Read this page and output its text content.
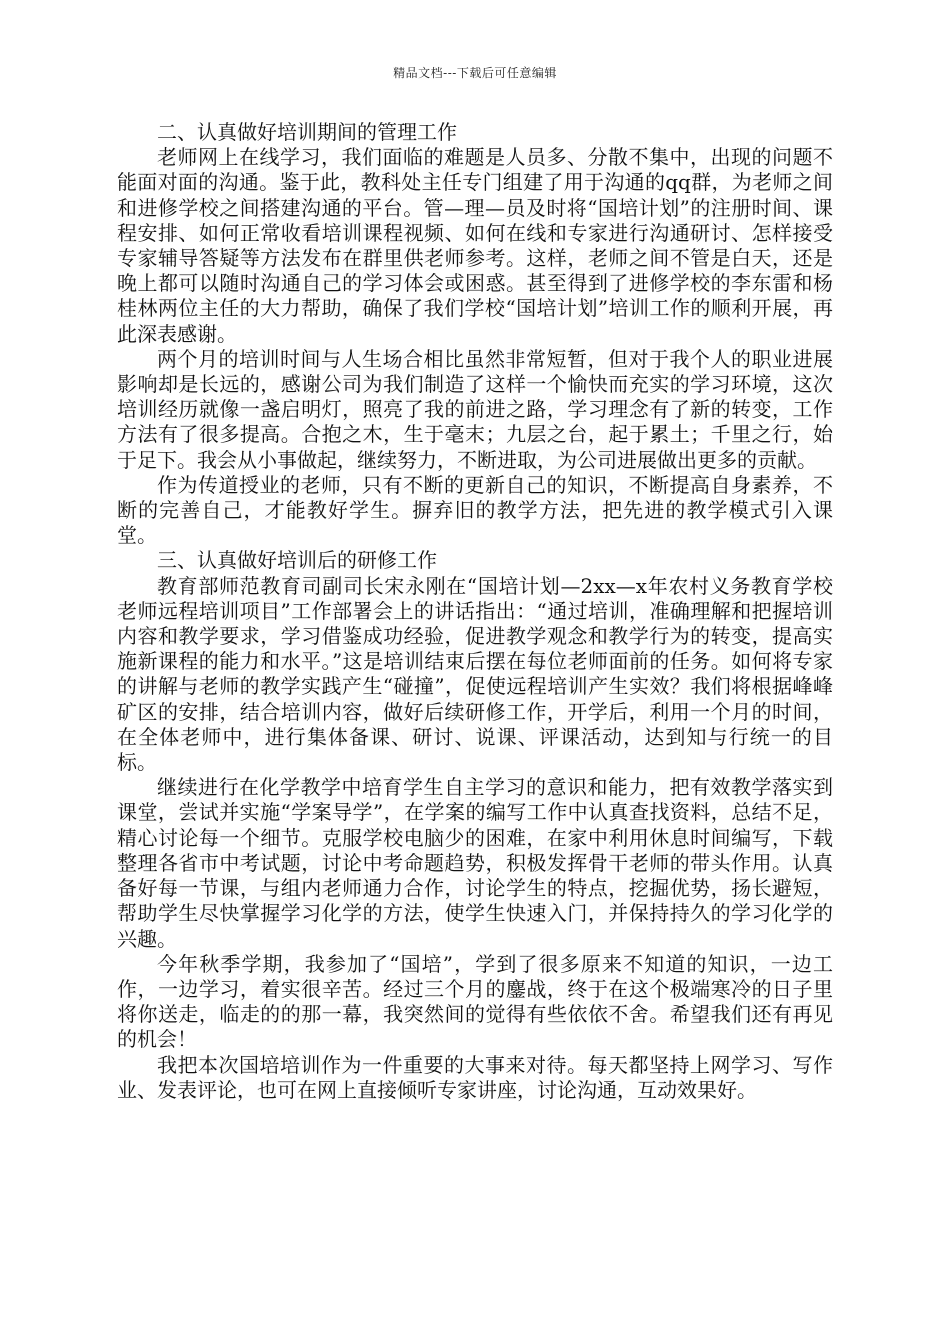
精品文档---下载后可任意编辑

二、认真做好培训期间的管理工作

老师网上在线学习，我们面临的难题是人员多、分散不集中，出现的问题不能面对面的沟通。鉴于此，教科处主任专门组建了用于沟通的qq群，为老师之间和进修学校之间搭建沟通的平台。管—理—员及时将“国培计划”的注册时间、课程安排、如何正常收看培训课程视频、如何在线和专家进行沟通研讨、怎样接受专家辅导答疑等方法发布在群里供老师参考。这样，老师之间不管是白天，还是晚上都可以随时沟通自己的学习体会或困惑。甚至得到了进修学校的李东雷和杨桂林两位主任的大力帮助，确保了我们学校“国培计划”培训工作的顺利开展，再此深表感谢。

两个月的培训时间与人生场合相比虽然非常短暂，但对于我个人的职业进展影响却是长远的，感谢公司为我们制造了这样一个愉快而充实的学习环境，这次培训经历就像一盏启明灯，照亮了我的前进之路，学习理念有了新的转变，工作方法有了很多提高。合抱之木，生于毫末；九层之台，起于累土；千里之行，始于足下。我会从小事做起，继续努力，不断进取，为公司进展做出更多的贡献。

作为传道授业的老师，只有不断的更新自己的知识，不断提高自身素养，不断的完善自己，才能教好学生。摒弃旧的教学方法，把先进的教学模式引入课堂。

三、认真做好培训后的研修工作

教育部师范教育司副司长宋永刚在“国培计划—2xx—x年农村义务教育学校老师远程培训项目”工作部署会上的讲话指出：“通过培训，准确理解和把握培训内容和教学要求，学习借鉴成功经验，促进教学观念和教学行为的转变，提高实施新课程的能力和水平。”这是培训结束后摆在每位老师面前的任务。如何将专家的讲解与老师的教学实践产生“碰撞”，促使远程培训产生实效？我们将根据峰峰矿区的安排，结合培训内容，做好后续研修工作，开学后，利用一个月的时间，在全体老师中，进行集体备课、研讨、说课、评课活动，达到知与行统一的目标。

继续进行在化学教学中培育学生自主学习的意识和能力，把有效教学落实到课堂，尝试并实施“学案导学”，在学案的编写工作中认真查找资料，总结不足，精心讨论每一个细节。克服学校电脑少的困难，在家中利用休息时间编写，下载整理各省市中考试题，讨论中考命题趋势，积极发挥骨干老师的带头作用。认真备好每一节课，与组内老师通力合作，讨论学生的特点，挖掘优势，扬长避短，帮助学生尽快掌握学习化学的方法，使学生快速入门，并保持持久的学习化学的兴趣。

今年秋季学期，我参加了“国培”，学到了很多原来不知道的知识，一边工作，一边学习，着实很辛苦。经过三个月的鏖战，终于在这个极端寒冷的日子里将你送走，临走的的那一幕，我突然间的觉得有些依依不舍。希望我们还有再见的机会！

我把本次国培培训作为一件重要的大事来对待。每天都坚持上网学习、写作业、发表评论，也可在网上直接倾听专家讲座，讨论沟通，互动效果好。
